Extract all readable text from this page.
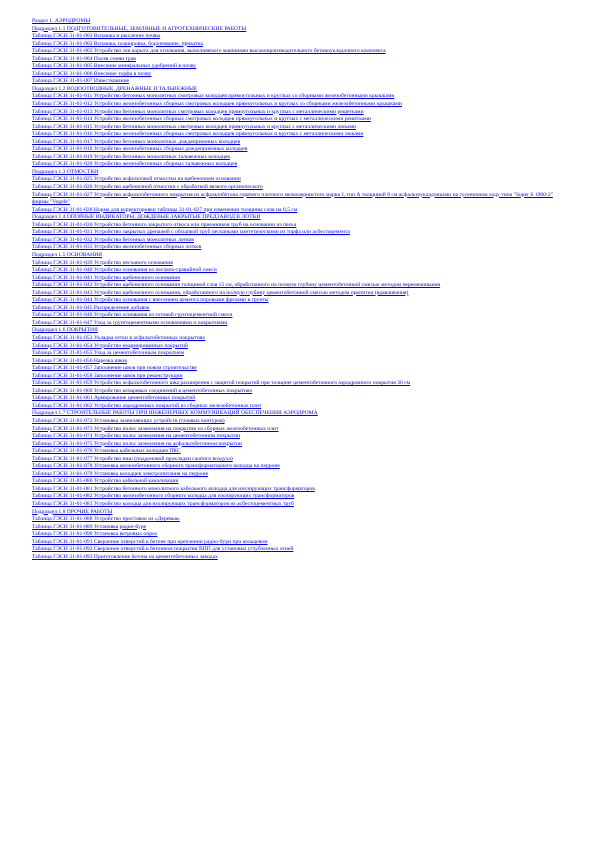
Раздел 1. АЭРОДРОМЫ
Подраздел 1.1 ПОДГОТОВИТЕЛЬНЫЕ, ЗЕМЛЯНЫЕ И АГРОТЕХНИЧЕСКИЕ РАБОТЫ
Таблица ГЭСН 31-01-001 Вспашка и рыхление почвы
Таблица ГЭСН 31-01-002 Вспашка, планировка, боронование, прикатка
Таблица ГЭСН 31-01-003 Устройство зон корыта для основания, выполняемого машинами высокопроизводительного бетоноукладочного комплекта
Таблица ГЭСН 31-01-004 Посев семян трав
Таблица ГЭСН 31-01-005 Внесение минеральных удобрений в почву
Таблица ГЭСН 31-01-006 Внесение торфа в почву
Таблица ГЭСН 31-01-007 Известкование
Подраздел 1.2 ВОДООТВОДНЫЕ, ДРЕНАЖНЫЕ И ТАЛЬВЕЖНЫЕ
Таблица ГЭСН 31-01-011 Устройство бетонных монолитных смотровых колодцев прямоугольных и круглых со сборными железобетонными крышками
Таблица ГЭСН 31-01-012 Устройство железобетонных сборных смотровых колодцев прямоугольных и круглых со сборными железобетонными крышками
Таблица ГЭСН 31-01-013 Устройство бетонных монолитных смотровых колодцев прямоугольных и круглых с металлическими решетками
Таблица ГЭСН 31-01-014 Устройство железобетонных сборных смотровых колодцев прямоугольных и круглых с металлическими решетками
Таблица ГЭСН 31-01-015 Устройство бетонных монолитных смотровых колодцев прямоугольных и круглых с металлическими люками
Таблица ГЭСН 31-01-016 Устройство железобетонных сборных смотровых колодцев прямоугольных и круглых с металлическими люками
Таблица ГЭСН 31-01-017 Устройство бетонных монолитных дождеприемных колодцев
Таблица ГЭСН 31-01-018 Устройство железобетонных сборных дождеприемных колодцев
Таблица ГЭСН 31-01-019 Устройство бетонных монолитных тальвежных колодцев
Таблица ГЭСН 31-01-020 Устройство железобетонных сборных тальвежных колодцев
Подраздел 1.3 ОТМОСТКИ
Таблица ГЭСН 31-01-025 Устройство асфальтовой отмостки на щебеночном основании
Таблица ГЭСН 31-01-026 Устройство щебеночной отмостки с обработкой вязкого органического
Таблица ГЭСН 31-01-027 Устройство асфальтобетонного покрытия из асфальтобетона горячего плотного мелкозернистого марки I, тип А толщиной 8 см асфальтоукладчиками на гусеничном ходу типа "Super S 1900-2" фирмы "Vogele"
Таблица ГЭСН 31-01-028 Норма для корректировки таблицы 31-01-027 при изменении толщины слоя на 0,5 см
Подраздел 1.4 ОПОРНЫЕ ИНДИКАТОРЫ, ДОЖДЕВЫЕ ЗАКРЫТЫЕ ПРЕДЗАВОД В ЛОТКИ
Таблица ГЭСН 31-01-030 Устройство бетонного закрытого откоса или приемников труб на основании из песка
Таблица ГЭСН 31-01-031 Устройство закрытых дренажей с обсыпкой труб песчаными синтетическими из торфа или асбестоцемента
Таблица ГЭСН 31-01-032 Устройство бетонных монолитных лотков
Таблица ГЭСН 31-01-033 Устройство железобетонных сборных лотков
Подраздел 1.5 ОСНОВАНИЯ
Таблица ГЭСН 31-01-039 Устройство песчаного основания
Таблица ГЭСН 31-01-040 Устройство основания из песчано-гравийной смеси
Таблица ГЭСН 31-01-041 Устройство щебеночного основания
Таблица ГЭСН 31-01-042 Устройство щебеночного основания толщиной слоя 15 см, обработанного на полную глубину цементобетонной смесью методом перемешивания
Таблица ГЭСН 31-01-043 Устройство щебеночного основания, обработанного на полную глубину цементобетонной смесью методом пропитки (вдавливания)
Таблица ГЭСН 31-01-044 Устройство основания с внесением цемента поровыми фрезами в грунты
Таблица ГЭСН 31-01-045 Распределение добавок
Таблица ГЭСН 31-01-046 Устройство основания из готовой грунтоцементной смеси
Таблица ГЭСН 31-01-047 Уход за грунтоцементными основаниями и покрытиями
Подраздел 1.6 ПОКРЫТИЯ
Таблица ГЭСН 31-01-053 Укладка сетки в асфальтобетонных покрытиях
Таблица ГЭСН 31-01-054 Устройство неармированных покрытий
Таблица ГЭСН 31-01-055 Уход за цементобетонным покрытием
Таблица ГЭСН 31-01-056 Нарезка швов
Таблица ГЭСН 31-01-057 Заполнение швов при новом строительстве
Таблица ГЭСН 31-01-058 Заполнение швов при реконструкции
Таблица ГЭСН 31-01-059 Устройство асфальтобетонного шва расширения с защитой покрытий при толщине цементобетонного аэродромного покрытия 30 см
Таблица ГЭСН 31-01-060 Устройство штыревых соединений в цементобетонных покрытиях
Таблица ГЭСН 31-01-061 Армирование цементобетонных покрытий
Таблица ГЭСН 31-01-062 Устройство аэродромных покрытий из сборных железобетонных плит
Подраздел 1.7 СТРОИТЕЛЬНЫЕ РАБОТЫ ПРИ ИНЖЕНЕРНЫХ КОММУНИКАЦИЙ ОБЕСПЕЧЕНИЯ АЭРОДРОМА
Таблица ГЭСН 31-01-072 Установка заземляющих устройств (газовых контуров)
Таблица ГЭСН 31-01-073 Устройство полос заземления на покрытии из сборных железобетонных плит
Таблица ГЭСН 31-01-074 Устройство полос заземления на цементобетонном покрытии
Таблица ГЭСН 31-01-075 Устройство полос заземления на асфальтобетонном покрытии
Таблица ГЭСН 31-01-076 Установка кабельных колодцев ПКС
Таблица ГЭСН 31-01-077 Устройство ниш (поддоновой прокладки сжатого воздуха)
Таблица ГЭСН 31-01-078 Установка железобетонного сборного трансформаторного колодца на перроне
Таблица ГЭСН 31-01-079 Установка колодцев электропитания на перроне
Таблица ГЭСН 31-01-080 Устройство кабельной канализации
Таблица ГЭСН 31-01-081 Устройство бетонного монолитного кабельного колодца для изолирующих трансформаторов
Таблица ГЭСН 31-01-082 Устройство железобетонного сборного колодца для изолирующих трансформаторов
Таблица ГЭСН 31-01-083 Устройство колодца для изолирующих трансформаторов из асбестоцементных труб
Подраздел 1.8 ПРОЧИЕ РАБОТЫ
Таблица ГЭСН 31-01-088 Устройство проставок из «Деревья»
Таблица ГЭСН 31-01-089 Установка радио-буре
Таблица ГЭСН 31-01-090 Установка ветровых опрос
Таблица ГЭСН 31-01-091 Сверление отверстий в бетоне при креплении радио-бури при кольцевом
Таблица ГЭСН 31-01-092 Сверление отверстий в бетонном покрытии ВПП для установки углубленных огней
Таблица ГЭСН 31-01-093 Приготовление бетона на цементобетонных заводах
